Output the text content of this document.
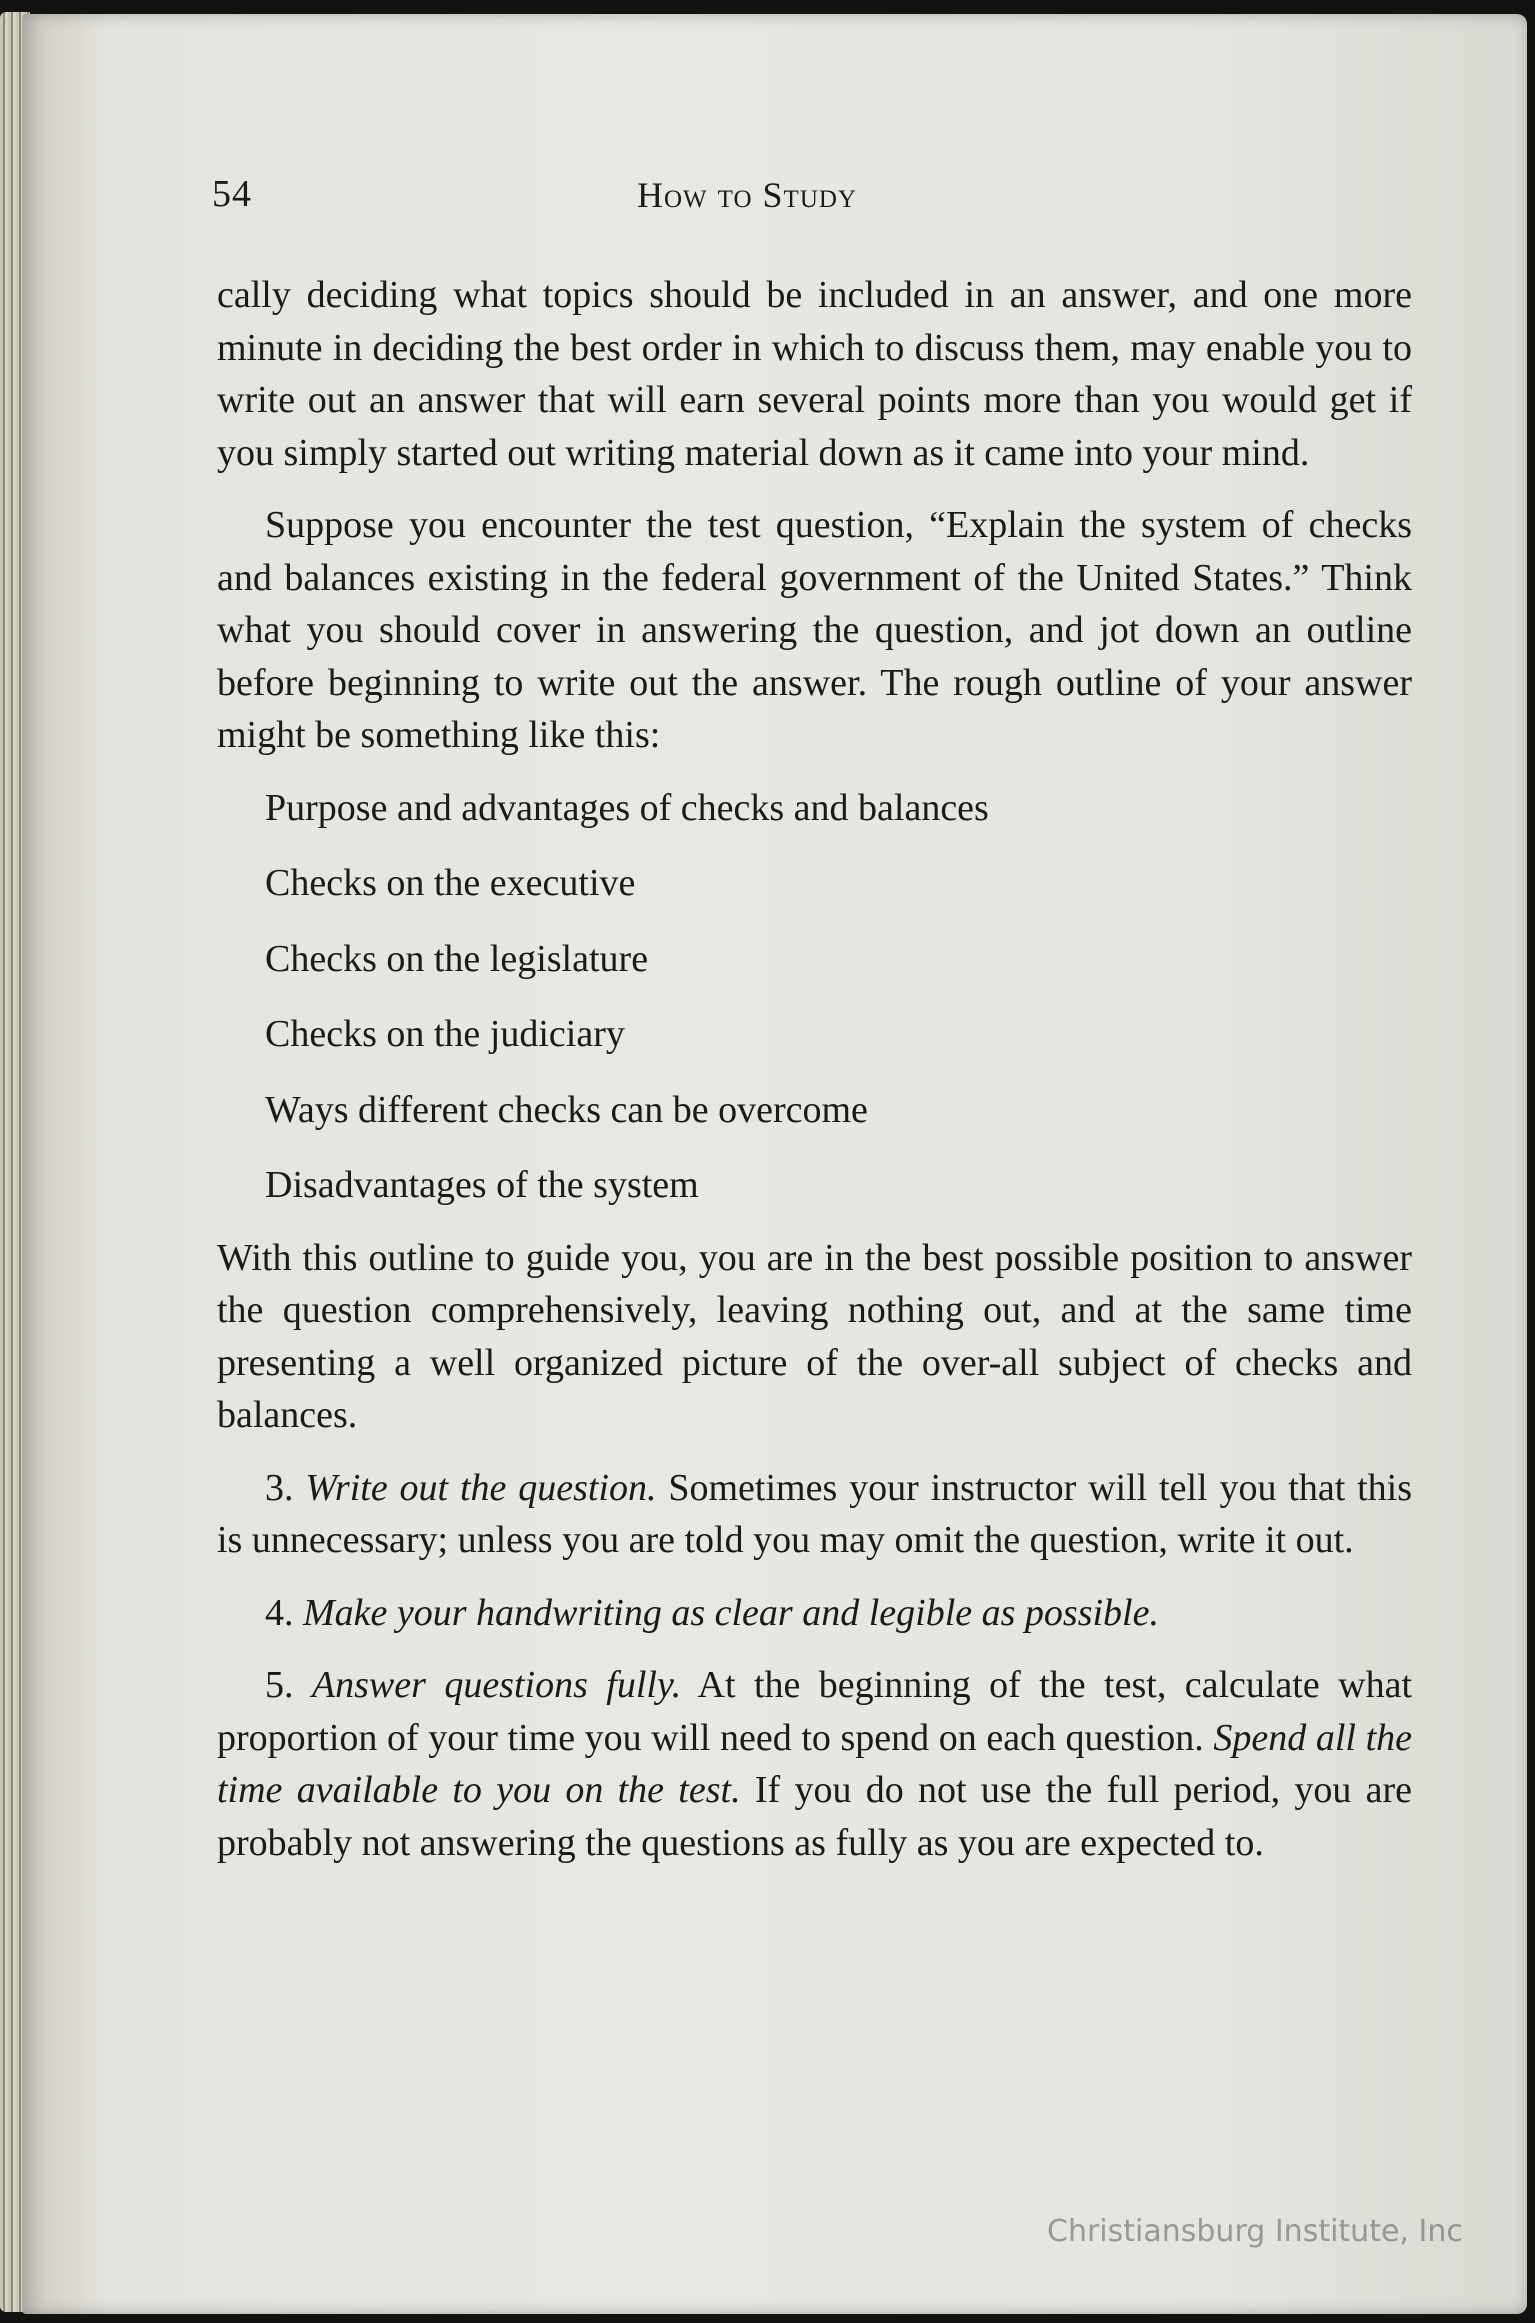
54	How to Study

cally deciding what topics should be included in an answer, and one more minute in deciding the best order in which to discuss them, may enable you to write out an answer that will earn several points more than you would get if you simply started out writing material down as it came into your mind.

Suppose you encounter the test question, “Explain the system of checks and balances existing in the federal government of the United States.” Think what you should cover in answering the question, and jot down an outline before beginning to write out the answer. The rough outline of your answer might be something like this:

Purpose and advantages of checks and balances
Checks on the executive
Checks on the legislature
Checks on the judiciary
Ways different checks can be overcome
Disadvantages of the system

With this outline to guide you, you are in the best possible position to answer the question comprehensively, leaving nothing out, and at the same time presenting a well organized picture of the over-all subject of checks and balances.

3. Write out the question. Sometimes your instructor will tell you that this is unnecessary; unless you are told you may omit the question, write it out.

4. Make your handwriting as clear and legible as possible.

5. Answer questions fully. At the beginning of the test, calculate what proportion of your time you will need to spend on each question. Spend all the time available to you on the test. If you do not use the full period, you are probably not answering the questions as fully as you are expected to.

Christiansburg Institute, Inc
